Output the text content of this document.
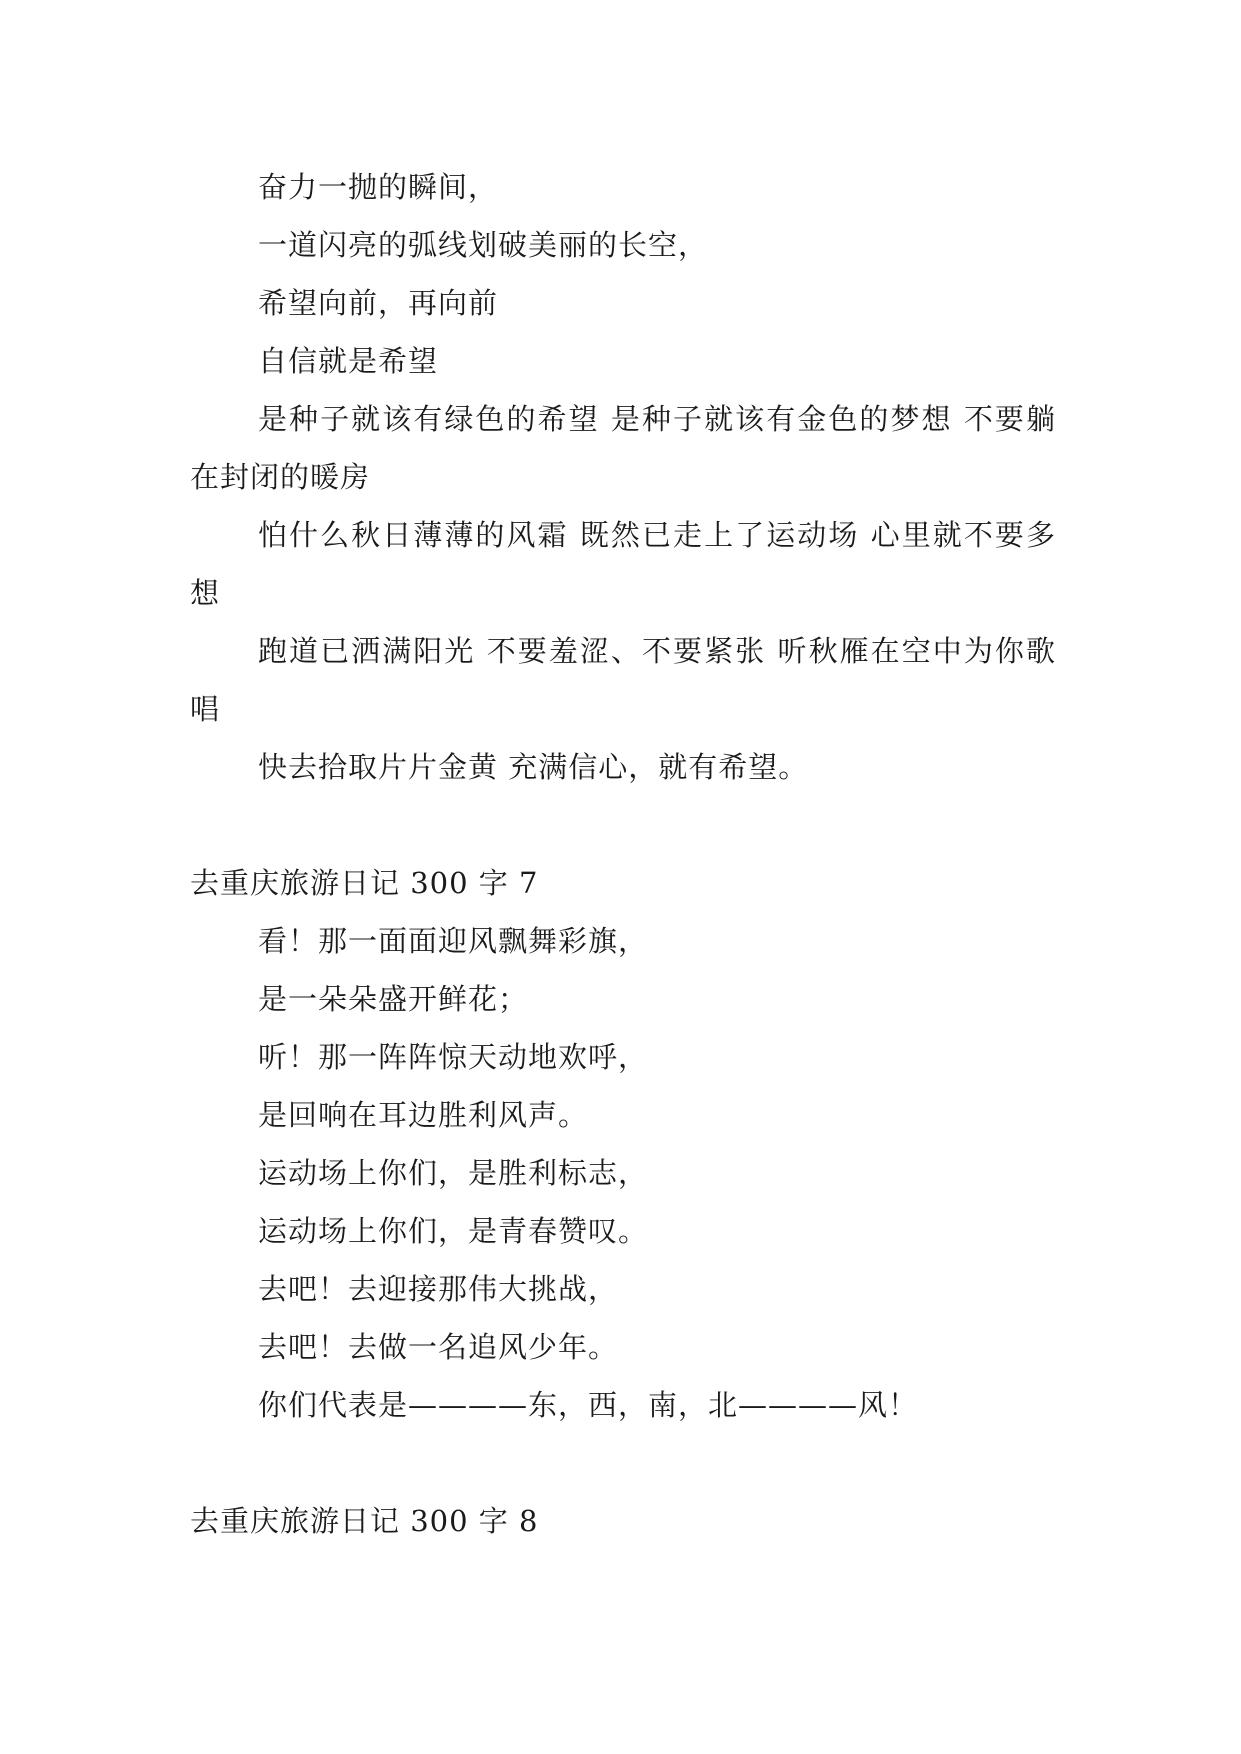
奋力一抛的瞬间，

一道闪亮的弧线划破美丽的长空，

希望向前，再向前

自信就是希望

是种子就该有绿色的希望 是种子就该有金色的梦想 不要躺在封闭的暖房

怕什么秋日薄薄的风霜 既然已走上了运动场 心里就不要多想

跑道已洒满阳光 不要羞涩、不要紧张 听秋雁在空中为你歌唱

快去拾取片片金黄 充满信心，就有希望。

去重庆旅游日记 300 字 7

看！那一面面迎风飘舞彩旗，

是一朵朵盛开鲜花；

听！那一阵阵惊天动地欢呼，

是回响在耳边胜利风声。

运动场上你们，是胜利标志，

运动场上你们，是青春赞叹。

去吧！去迎接那伟大挑战，

去吧！去做一名追风少年。

你们代表是————东，西，南，北————风！

去重庆旅游日记 300 字 8
